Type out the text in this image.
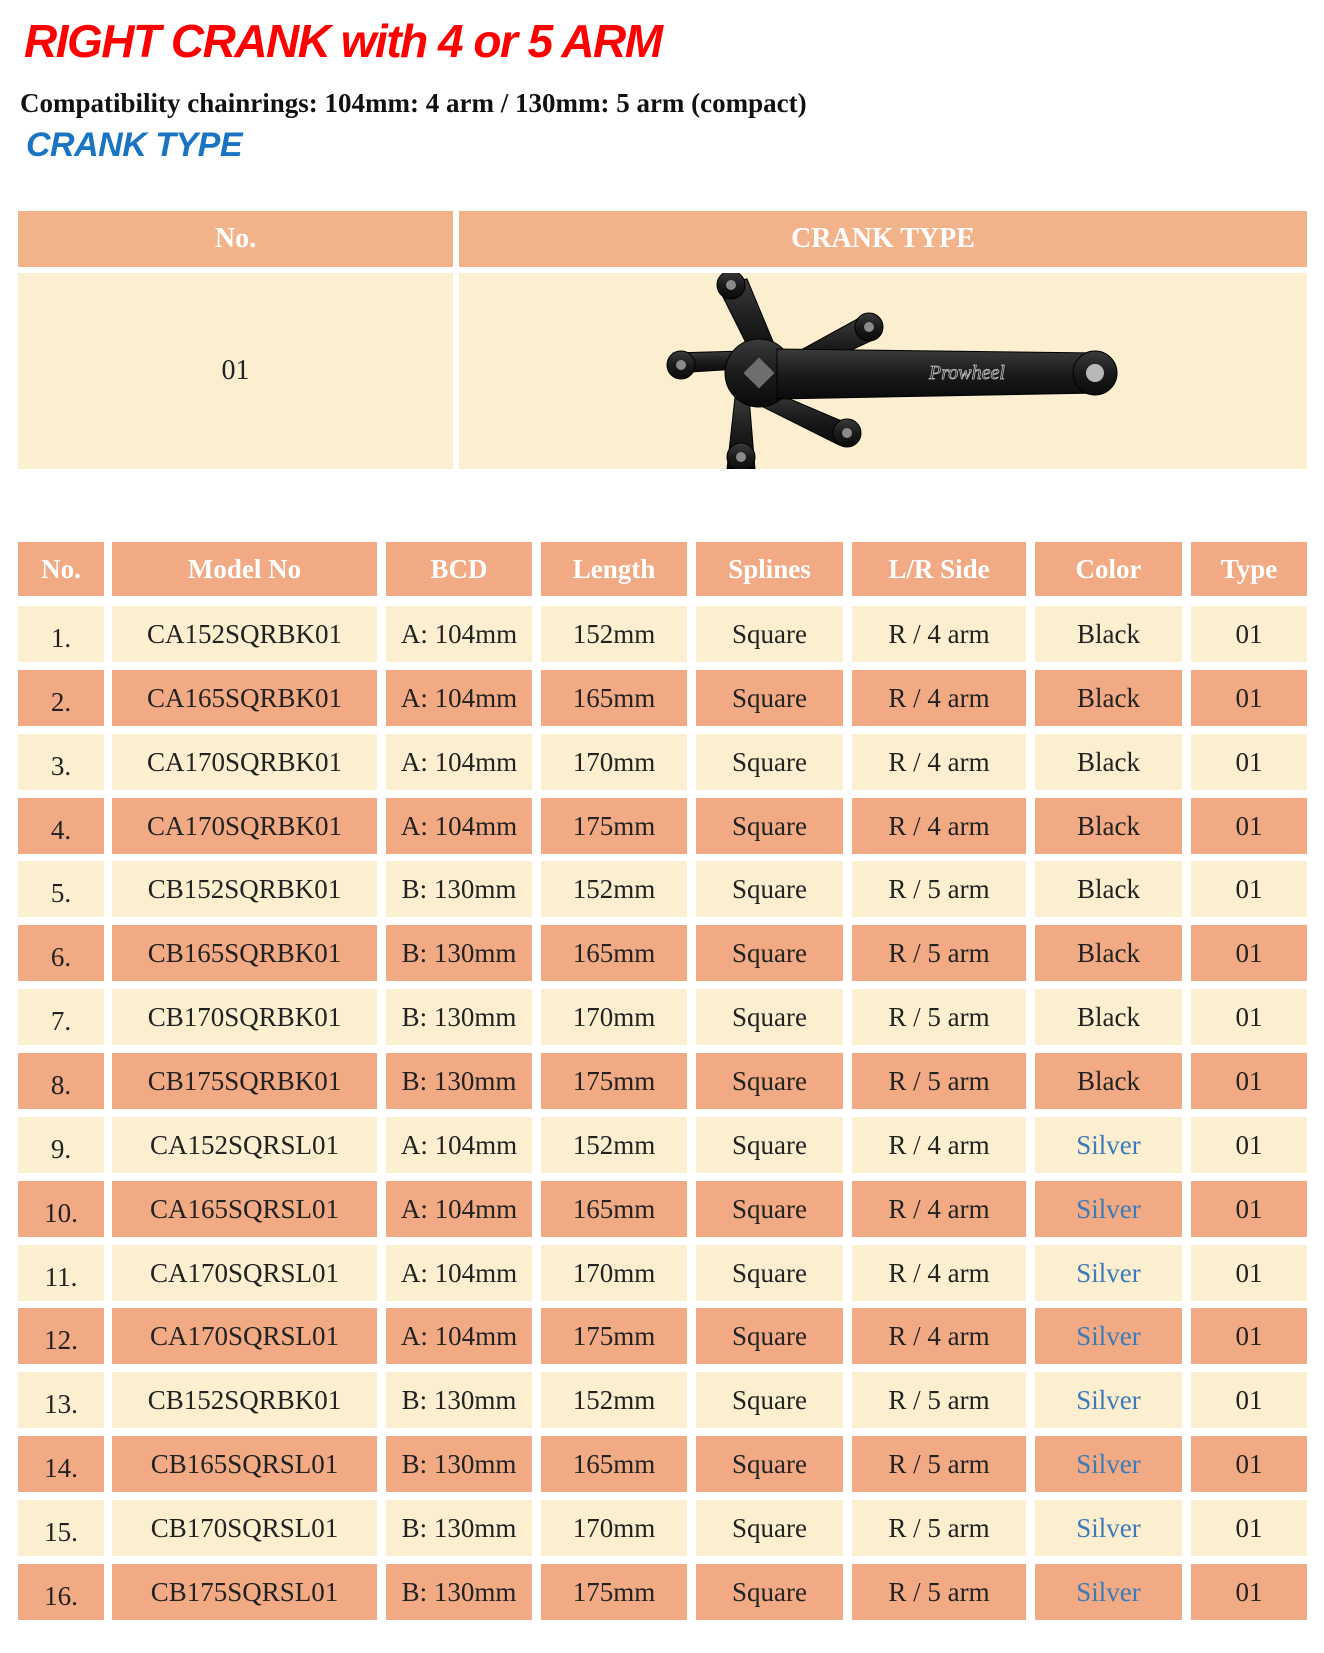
RIGHT CRANK with 4 or 5 ARM
Compatibility chainrings: 104mm: 4 arm / 130mm: 5 arm (compact)
CRANK TYPE
No.	CRANK TYPE
01	Prowheel
No.	Model No	BCD	Length	Splines	L/R Side	Color	Type
1.	CA152SQRBK01	A: 104mm	152mm	Square	R / 4 arm	Black	01
2.	CA165SQRBK01	A: 104mm	165mm	Square	R / 4 arm	Black	01
3.	CA170SQRBK01	A: 104mm	170mm	Square	R / 4 arm	Black	01
4.	CA170SQRBK01	A: 104mm	175mm	Square	R / 4 arm	Black	01
5.	CB152SQRBK01	B: 130mm	152mm	Square	R / 5 arm	Black	01
6.	CB165SQRBK01	B: 130mm	165mm	Square	R / 5 arm	Black	01
7.	CB170SQRBK01	B: 130mm	170mm	Square	R / 5 arm	Black	01
8.	CB175SQRBK01	B: 130mm	175mm	Square	R / 5 arm	Black	01
9.	CA152SQRSL01	A: 104mm	152mm	Square	R / 4 arm	Silver	01
10.	CA165SQRSL01	A: 104mm	165mm	Square	R / 4 arm	Silver	01
11.	CA170SQRSL01	A: 104mm	170mm	Square	R / 4 arm	Silver	01
12.	CA170SQRSL01	A: 104mm	175mm	Square	R / 4 arm	Silver	01
13.	CB152SQRBK01	B: 130mm	152mm	Square	R / 5 arm	Silver	01
14.	CB165SQRSL01	B: 130mm	165mm	Square	R / 5 arm	Silver	01
15.	CB170SQRSL01	B: 130mm	170mm	Square	R / 5 arm	Silver	01
16.	CB175SQRSL01	B: 130mm	175mm	Square	R / 5 arm	Silver	01
